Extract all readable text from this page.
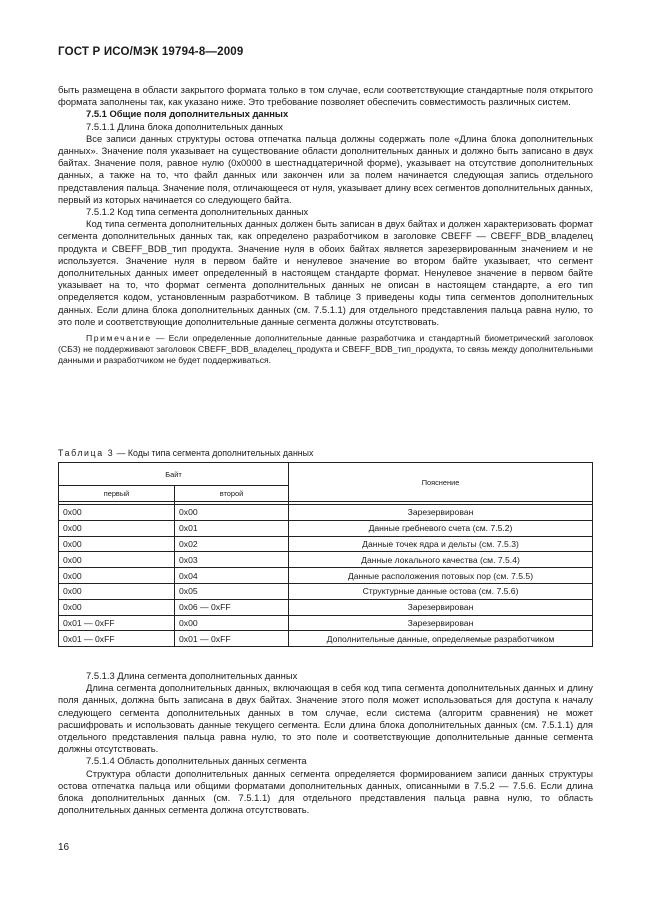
ГОСТ Р ИСО/МЭК 19794-8—2009

быть размещена в области закрытого формата только в том случае, если соответствующие стандартные поля открытого формата заполнены так, как указано ниже. Это требование позволяет обеспечить совместимость различных систем.

7.5.1 Общие поля дополнительных данных

7.5.1.1 Длина блока дополнительных данных

Все записи данных структуры остова отпечатка пальца должны содержать поле «Длина блока дополнительных данных». Значение поля указывает на существование области дополнительных данных и должно быть записано в двух байтах. Значение поля, равное нулю (0x0000 в шестнадцатеричной форме), указывает на отсутствие дополнительных данных, а также на то, что файл данных или закончен или за полем начинается следующая запись отдельного представления пальца. Значение поля, отличающееся от нуля, указывает длину всех сегментов дополнительных данных, первый из которых начинается со следующего байта.

7.5.1.2 Код типа сегмента дополнительных данных

Код типа сегмента дополнительных данных должен быть записан в двух байтах и должен характеризовать формат сегмента дополнительных данных так, как определено разработчиком в заголовке CBEFF — CBEFF_BDB_владелец продукта и CBEFF_BDB_тип продукта. Значение нуля в обоих байтах является зарезервированным значением и не используется. Значение нуля в первом байте и ненулевое значение во втором байте указывает, что сегмент дополнительных данных имеет определенный в настоящем стандарте формат. Ненулевое значение в первом байте указывает на то, что формат сегмента дополнительных данных не описан в настоящем стандарте, а его тип определяется кодом, установленным разработчиком. В таблице 3 приведены коды типа сегментов дополнительных данных. Если длина блока дополнительных данных (см. 7.5.1.1) для отдельного представления пальца равна нулю, то это поле и соответствующие дополнительные данные сегмента должны отсутствовать.

Примечание — Если определенные дополнительные данные разработчика и стандартный биометрический заголовок (СБЗ) не поддерживают заголовок CBEFF_BDB_владелец_продукта и CBEFF_BDB_тип_продукта, то связь между дополнительными данными и разработчиком не будет поддерживаться.

Таблица 3 — Коды типа сегмента дополнительных данных
Байт		Пояснение
первый	второй	

0x00	0x00	Зарезервирован
0x00	0x01	Данные гребневого счета (см. 7.5.2)
0x00	0x02	Данные точек ядра и дельты (см. 7.5.3)
0x00	0x03	Данные локального качества (см. 7.5.4)
0x00	0x04	Данные расположения потовых пор (см. 7.5.5)
0x00	0x05	Структурные данные остова (см. 7.5.6)
0x00	0x06 — 0xFF	Зарезервирован
0x01 — 0xFF	0x00	Зарезервирован
0x01 — 0xFF	0x01 — 0xFF	Дополнительные данные, определяемые разработчиком

7.5.1.3 Длина сегмента дополнительных данных

Длина сегмента дополнительных данных, включающая в себя код типа сегмента дополнительных данных и длину поля данных, должна быть записана в двух байтах. Значение этого поля может использоваться для доступа к началу следующего сегмента дополнительных данных в том случае, если система (алгоритм сравнения) не может расшифровать и использовать данные текущего сегмента. Если длина блока дополнительных данных (см. 7.5.1.1) для отдельного представления пальца равна нулю, то это поле и соответствующие дополнительные данные сегмента должны отсутствовать.

7.5.1.4 Область дополнительных данных сегмента

Структура области дополнительных данных сегмента определяется формированием записи данных структуры остова отпечатка пальца или общими форматами дополнительных данных, описанными в 7.5.2 — 7.5.6. Если длина блока дополнительных данных (см. 7.5.1.1) для отдельного представления пальца равна нулю, то область дополнительных данных сегмента должна отсутствовать.

16
